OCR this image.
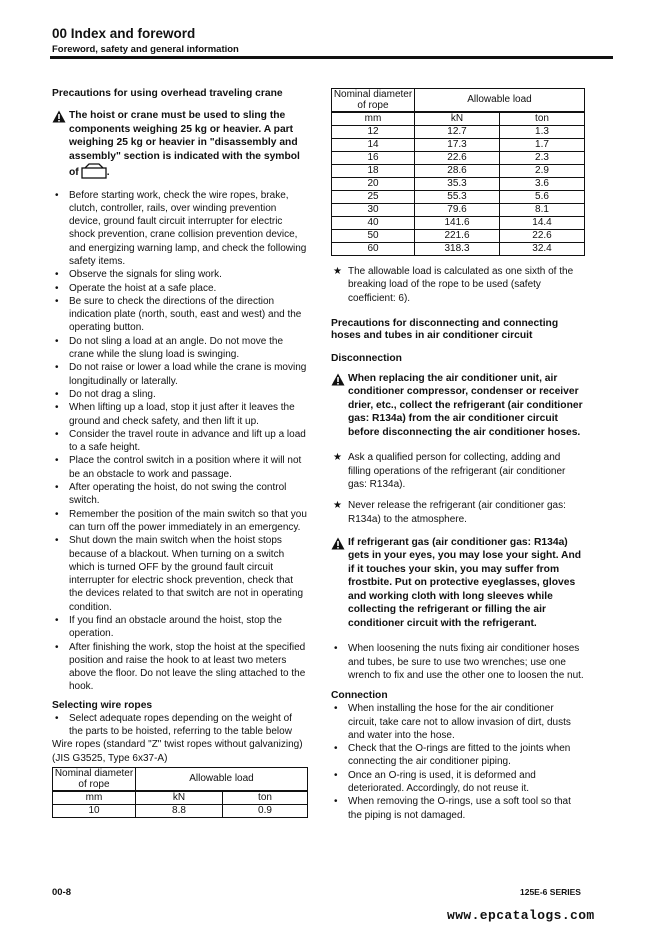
00 Index and foreword
Foreword, safety and general information
Precautions for using overhead traveling crane
The hoist or crane must be used to sling the components weighing 25 kg or heavier. A part weighing 25 kg or heavier in "disassembly and assembly" section is indicated with the symbol of	.
• Before starting work, check the wire ropes, brake, clutch, controller, rails, over winding prevention device, ground fault circuit interrupter for electric shock prevention, crane collision prevention device, and energizing warning lamp, and check the following safety items.
• Observe the signals for sling work.
• Operate the hoist at a safe place.
• Be sure to check the directions of the direction indication plate (north, south, east and west) and the operating button.
• Do not sling a load at an angle. Do not move the crane while the slung load is swinging.
• Do not raise or lower a load while the crane is moving longitudinally or laterally.
• Do not drag a sling.
• When lifting up a load, stop it just after it leaves the ground and check safety, and then lift it up.
• Consider the travel route in advance and lift up a load to a safe height.
• Place the control switch in a position where it will not be an obstacle to work and passage.
• After operating the hoist, do not swing the control switch.
• Remember the position of the main switch so that you can turn off the power immediately in an emergency.
• Shut down the main switch when the hoist stops because of a blackout. When turning on a switch which is turned OFF by the ground fault circuit interrupter for electric shock prevention, check that the devices related to that switch are not in operating condition.
• If you find an obstacle around the hoist, stop the operation.
• After finishing the work, stop the hoist at the specified position and raise the hook to at least two meters above the floor. Do not leave the sling attached to the hook.
Selecting wire ropes
• Select adequate ropes depending on the weight of the parts to be hoisted, referring to the table below
Wire ropes (standard "Z" twist ropes without galvanizing) (JIS G3525, Type 6x37-A)
Nominal diameter of rope	Allowable load	
mm	kN	ton
10	8.8	0.9
Nominal diameter of rope	Allowable load	
mm	kN	ton
12	12.7	1.3
14	17.3	1.7
16	22.6	2.3
18	28.6	2.9
20	35.3	3.6
25	55.3	5.6
30	79.6	8.1
40	141.6	14.4
50	221.6	22.6
60	318.3	32.4
★ The allowable load is calculated as one sixth of the breaking load of the rope to be used (safety coefficient: 6).
Precautions for disconnecting and connecting hoses and tubes in air conditioner circuit
Disconnection
When replacing the air conditioner unit, air conditioner compressor, condenser or receiver drier, etc., collect the refrigerant (air conditioner gas: R134a) from the air conditioner circuit before disconnecting the air conditioner hoses.
★ Ask a qualified person for collecting, adding and filling operations of the refrigerant (air conditioner gas: R134a).
★ Never release the refrigerant (air conditioner gas: R134a) to the atmosphere.
If refrigerant gas (air conditioner gas: R134a) gets in your eyes, you may lose your sight. And if it touches your skin, you may suffer from frostbite. Put on protective eyeglasses, gloves and working cloth with long sleeves while collecting the refrigerant or filling the air conditioner circuit with the refrigerant.
• When loosening the nuts fixing air conditioner hoses and tubes, be sure to use two wrenches; use one wrench to fix and use the other one to loosen the nut.
Connection
• When installing the hose for the air conditioner circuit, take care not to allow invasion of dirt, dusts and water into the hose.
• Check that the O-rings are fitted to the joints when connecting the air conditioner piping.
• Once an O-ring is used, it is deformed and deteriorated. Accordingly, do not reuse it.
• When removing the O-rings, use a soft tool so that the piping is not damaged.
00-8	125E-6 SERIES
www.epcatalogs.com
